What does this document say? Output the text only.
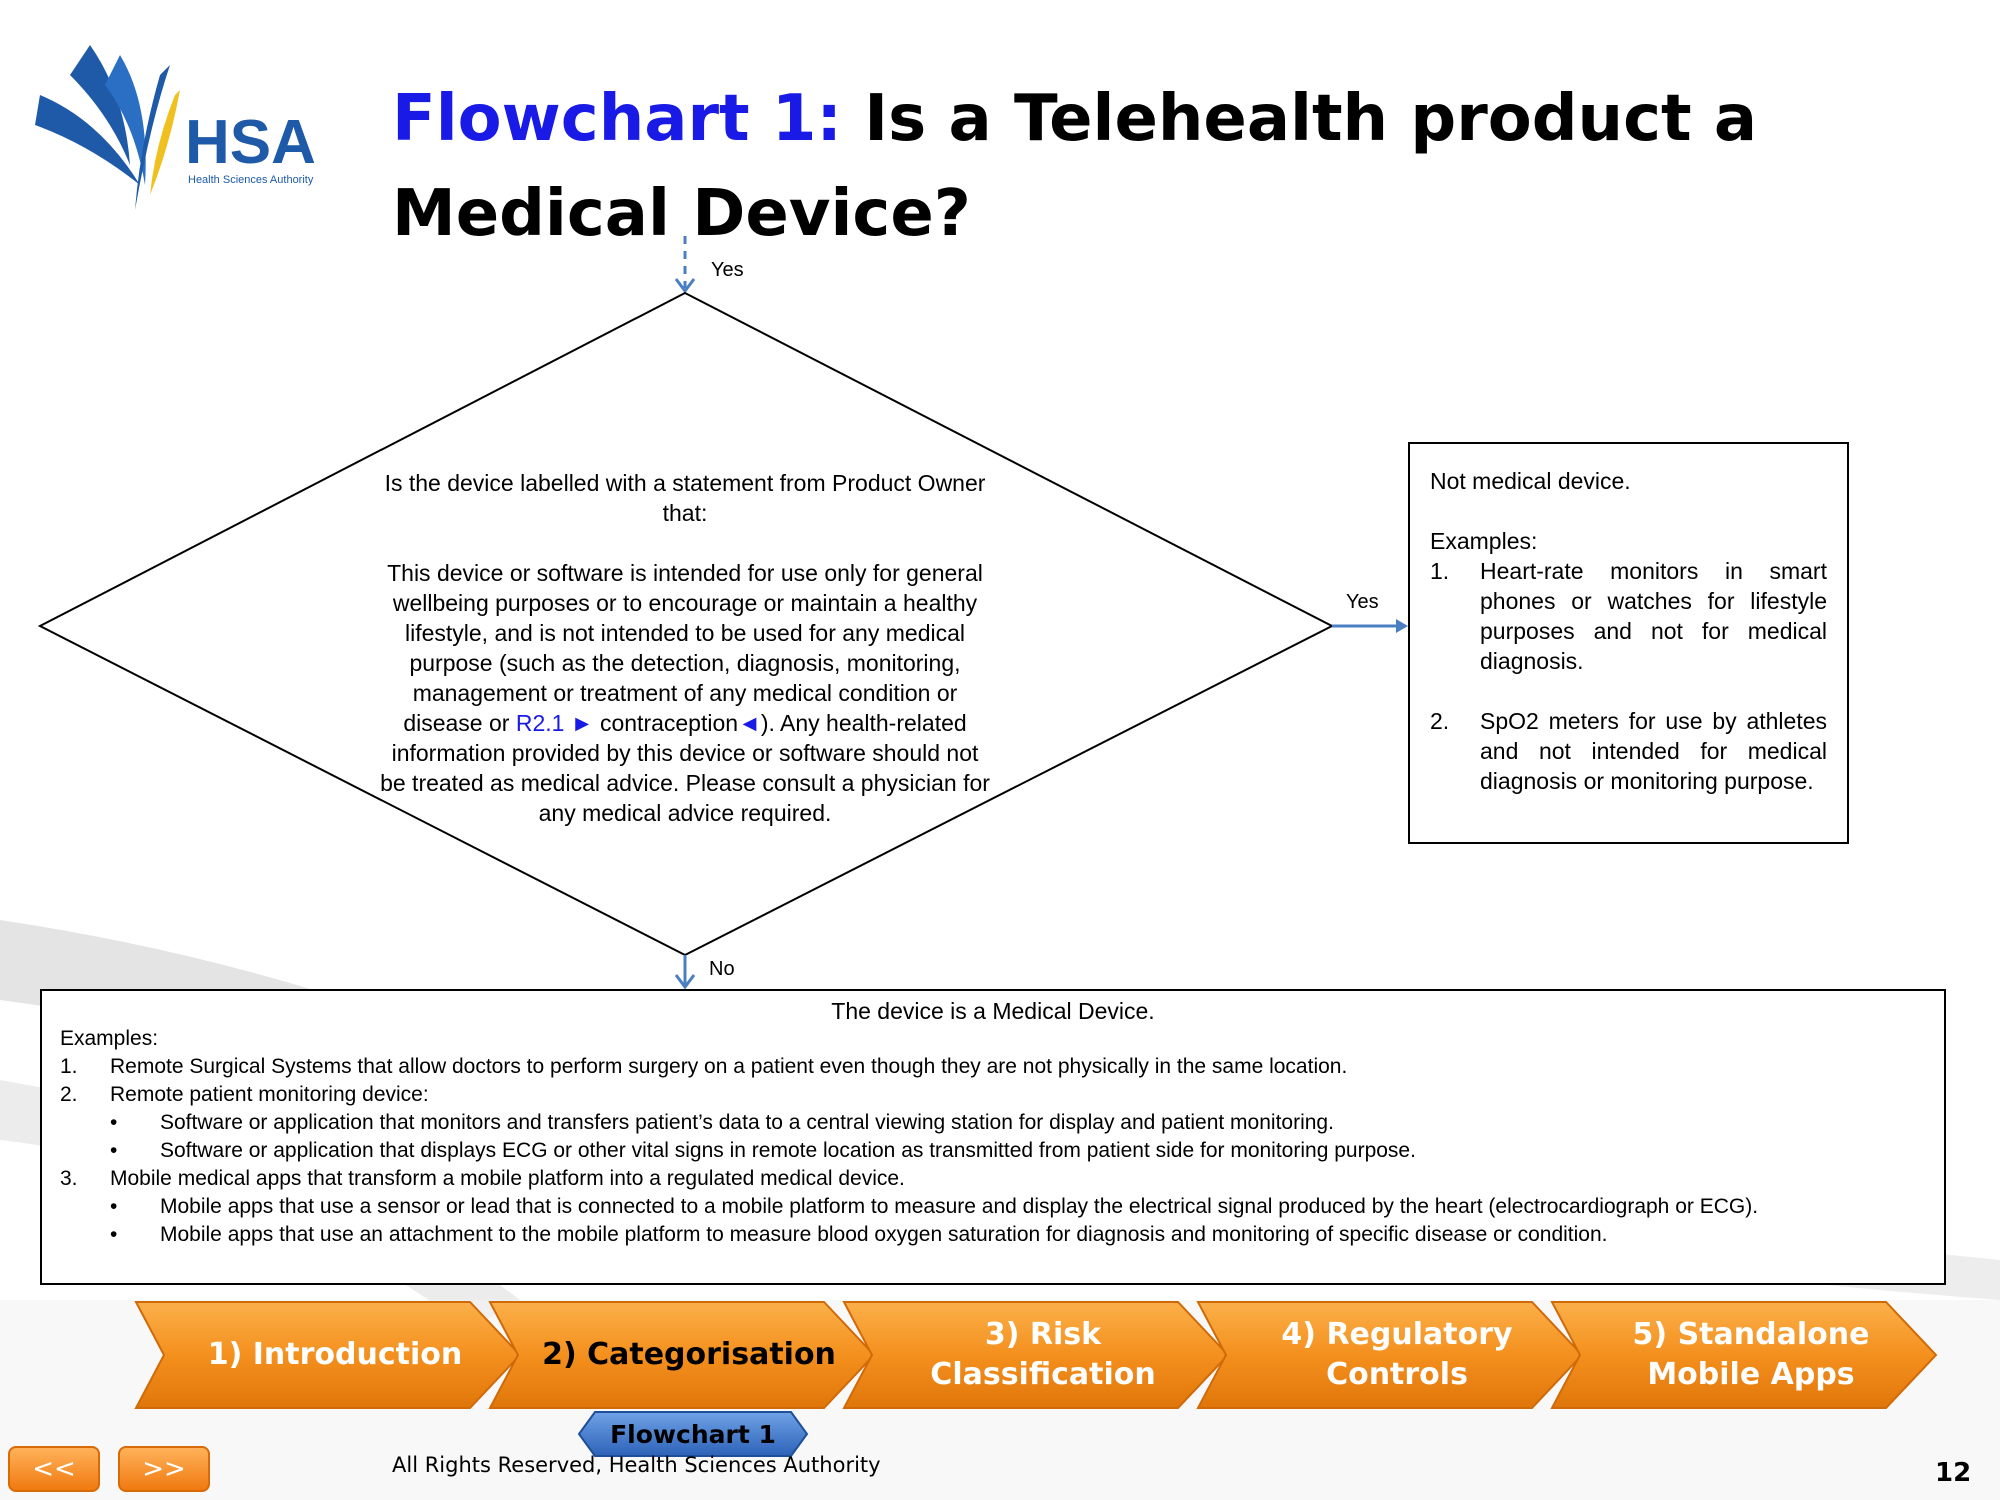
HSA
Health Sciences Authority
Flowchart 1: Is a Telehealth product a Medical Device?
Yes
Yes
No

Is the device labelled with a statement from Product Owner that:

This device or software is intended for use only for general wellbeing purposes or to encourage or maintain a healthy lifestyle, and is not intended to be used for any medical purpose (such as the detection, diagnosis, monitoring, management or treatment of any medical condition or disease or R2.1 ► contraception◄). Any health-related information provided by this device or software should not be treated as medical advice. Please consult a physician for any medical advice required.

Not medical device.

Examples:

1.	Heart-rate monitors in smart phones or watches for lifestyle purposes and not for medical diagnosis.

2.	SpO2 meters for use by athletes and not intended for medical diagnosis or monitoring purpose.

The device is a Medical Device.

Examples:

1.	Remote Surgical Systems that allow doctors to perform surgery on a patient even though they are not physically in the same location.
2.	Remote patient monitoring device:
•	Software or application that monitors and transfers patient’s data to a central viewing station for display and patient monitoring.
•	Software or application that displays ECG or other vital signs in remote location as transmitted from patient side for monitoring purpose.
3.	Mobile medical apps that transform a mobile platform into a regulated medical device.
•	Mobile apps that use a sensor or lead that is connected to a mobile platform to measure and display the electrical signal produced by the heart (electrocardiograph or ECG).
•	Mobile apps that use an attachment to the mobile platform to measure blood oxygen saturation for diagnosis and monitoring of specific disease or condition.
1) Introduction	2) Categorisation
3) Risk
Classification
4) Regulatory
Controls
5) Standalone
Mobile Apps
Flowchart 1
<<	>>	All Rights Reserved, Health Sciences Authority	12
